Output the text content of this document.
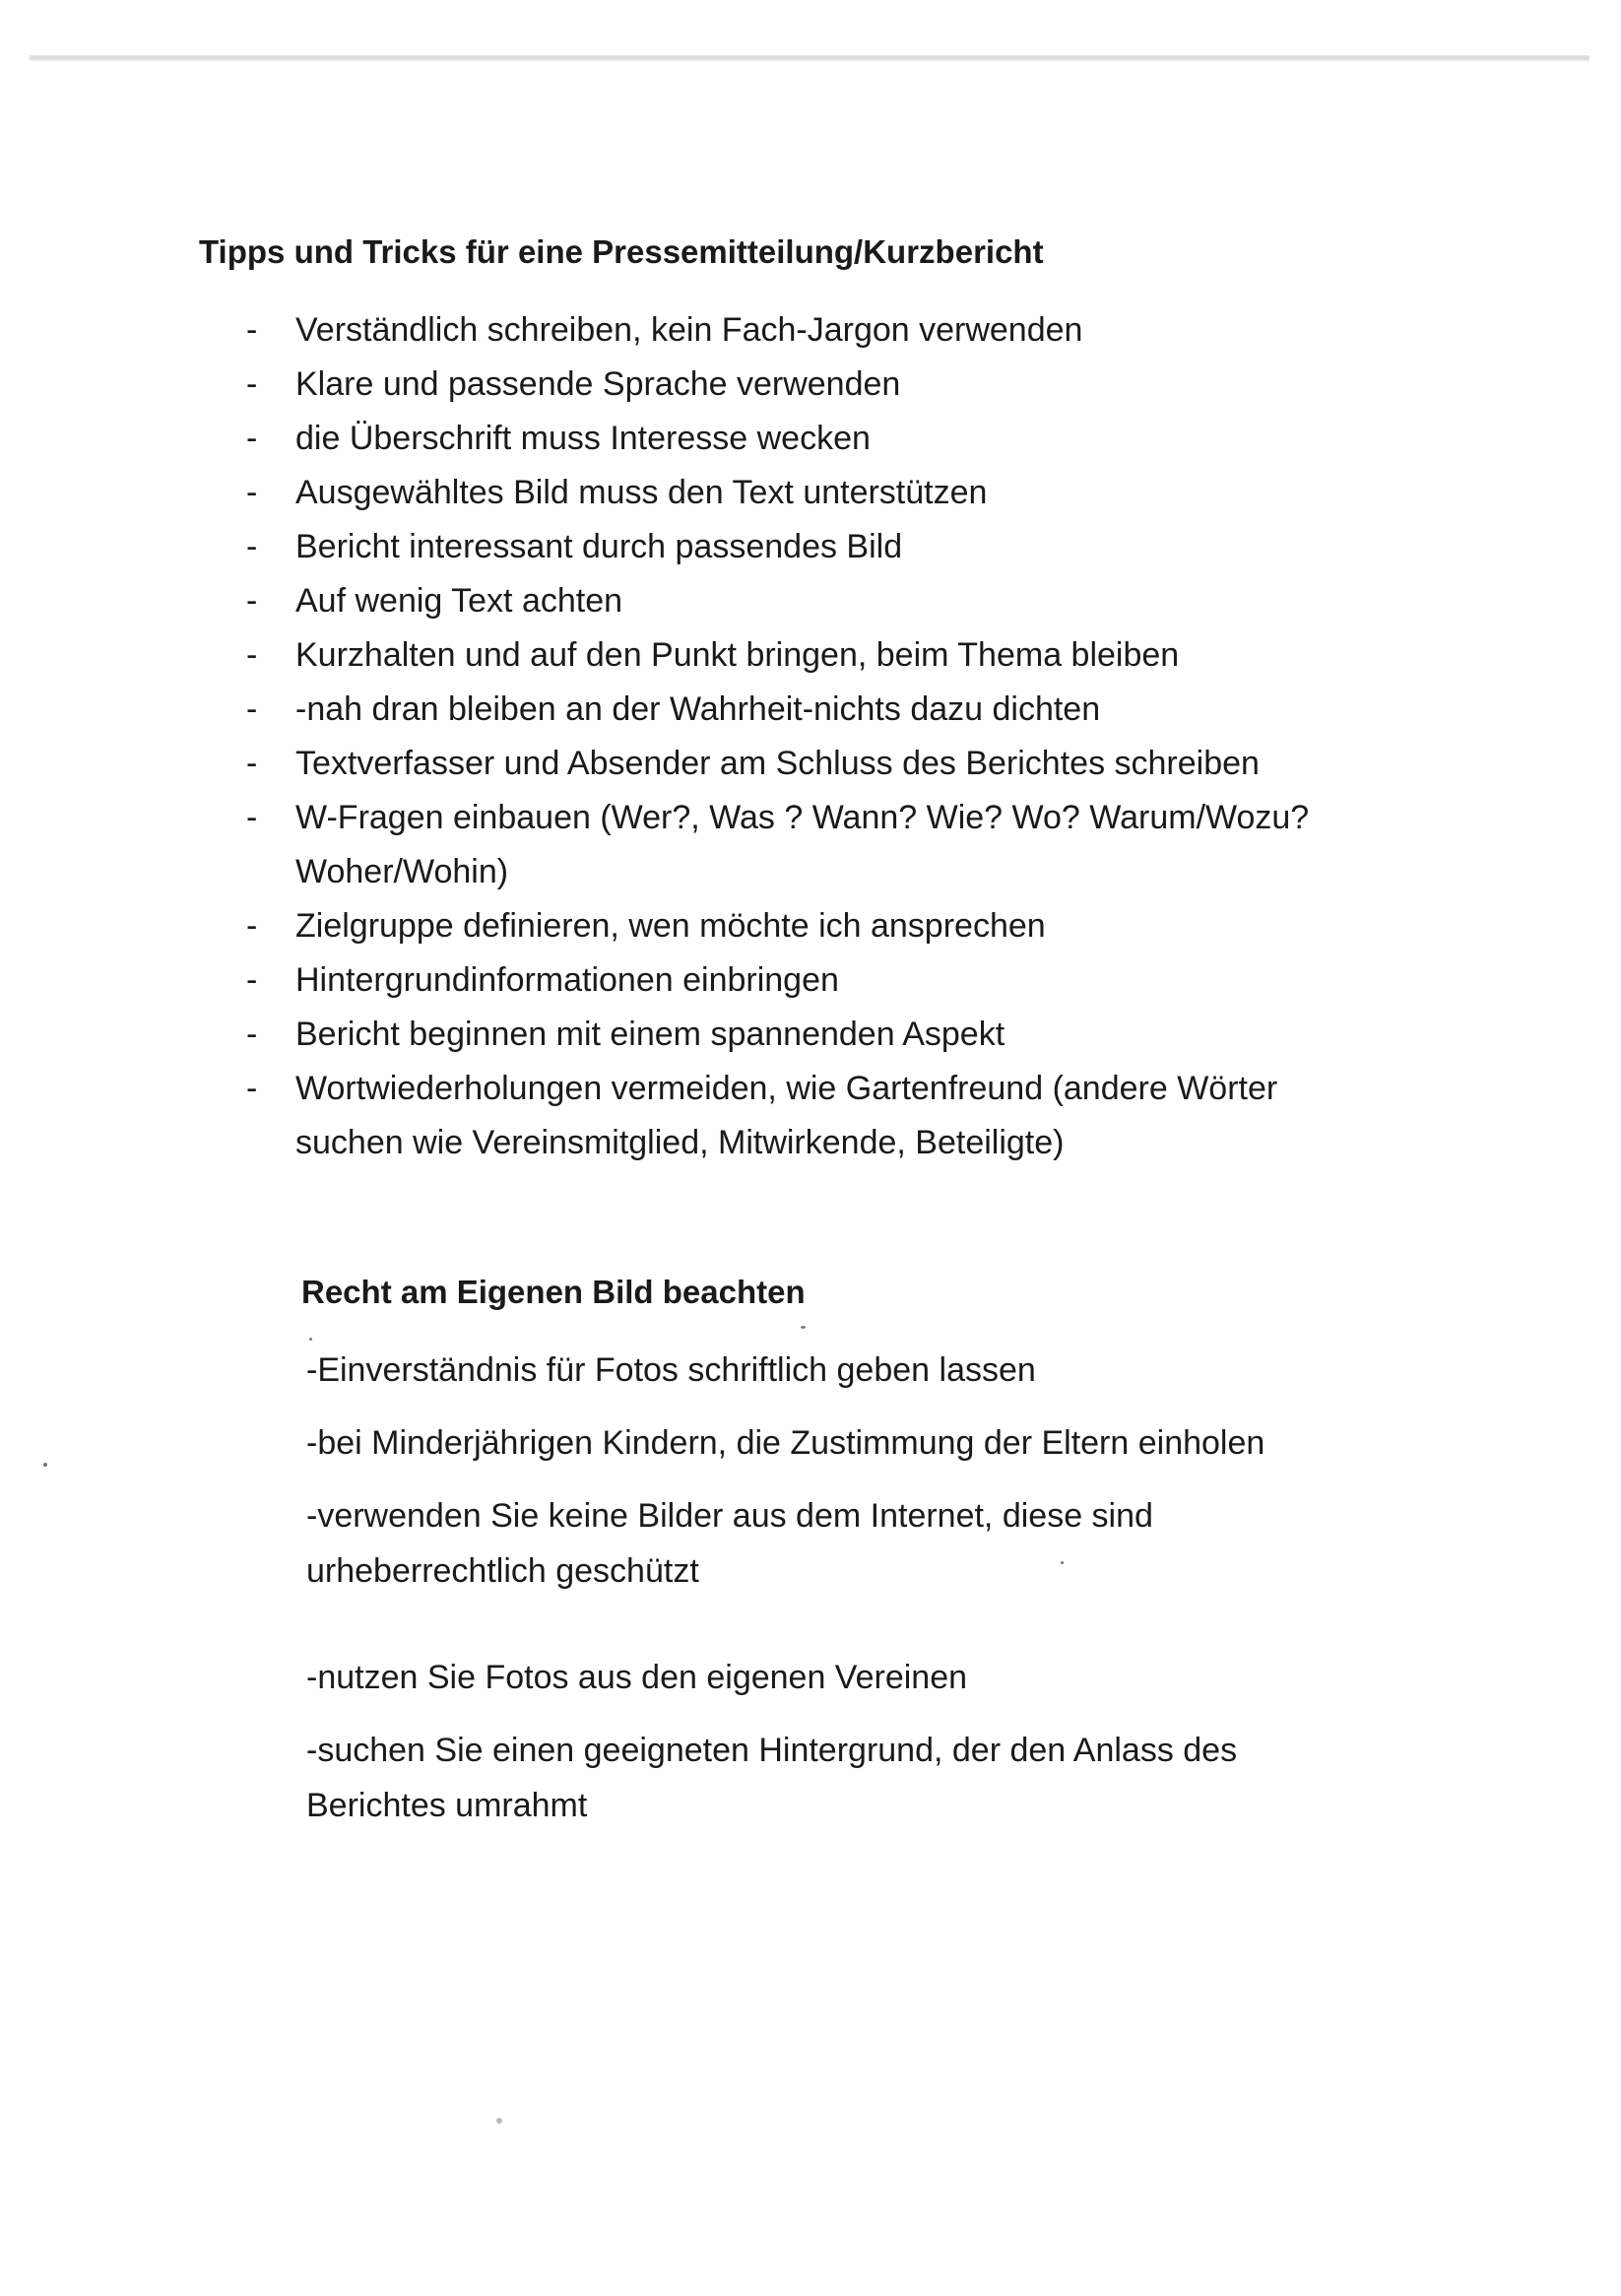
Tipps und Tricks für eine Pressemitteilung/Kurzbericht
- Verständlich schreiben, kein Fach-Jargon verwenden
- Klare und passende Sprache verwenden
- die Überschrift muss Interesse wecken
- Ausgewähltes Bild muss den Text unterstützen
- Bericht interessant durch passendes Bild
- Auf wenig Text achten
- Kurzhalten und auf den Punkt bringen, beim Thema bleiben
- -nah dran bleiben an der Wahrheit-nichts dazu dichten
- Textverfasser und Absender am Schluss des Berichtes schreiben
- W-Fragen einbauen (Wer?, Was ? Wann? Wie? Wo? Warum/Wozu?
Woher/Wohin)
- Zielgruppe definieren, wen möchte ich ansprechen
- Hintergrundinformationen einbringen
- Bericht beginnen mit einem spannenden Aspekt
- Wortwiederholungen vermeiden, wie Gartenfreund (andere Wörter
suchen wie Vereinsmitglied, Mitwirkende, Beteiligte)
Recht am Eigenen Bild beachten

-Einverständnis für Fotos schriftlich geben lassen

-bei Minderjährigen Kindern, die Zustimmung der Eltern einholen

-verwenden Sie keine Bilder aus dem Internet, diese sind
urheberrechtlich geschützt

-nutzen Sie Fotos aus den eigenen Vereinen

-suchen Sie einen geeigneten Hintergrund, der den Anlass des
Berichtes umrahmt
